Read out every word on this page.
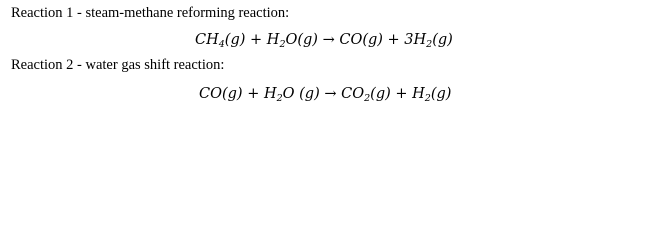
Reaction 1 - steam-methane reforming reaction:
$CH_4(g) + H_2O(g) \to CO(g) + 3H_2(g)$
Reaction 2 - water gas shift reaction:
$CO(g) + H_2O$ $(g) \to CO_2(g) + H_2(g)$
